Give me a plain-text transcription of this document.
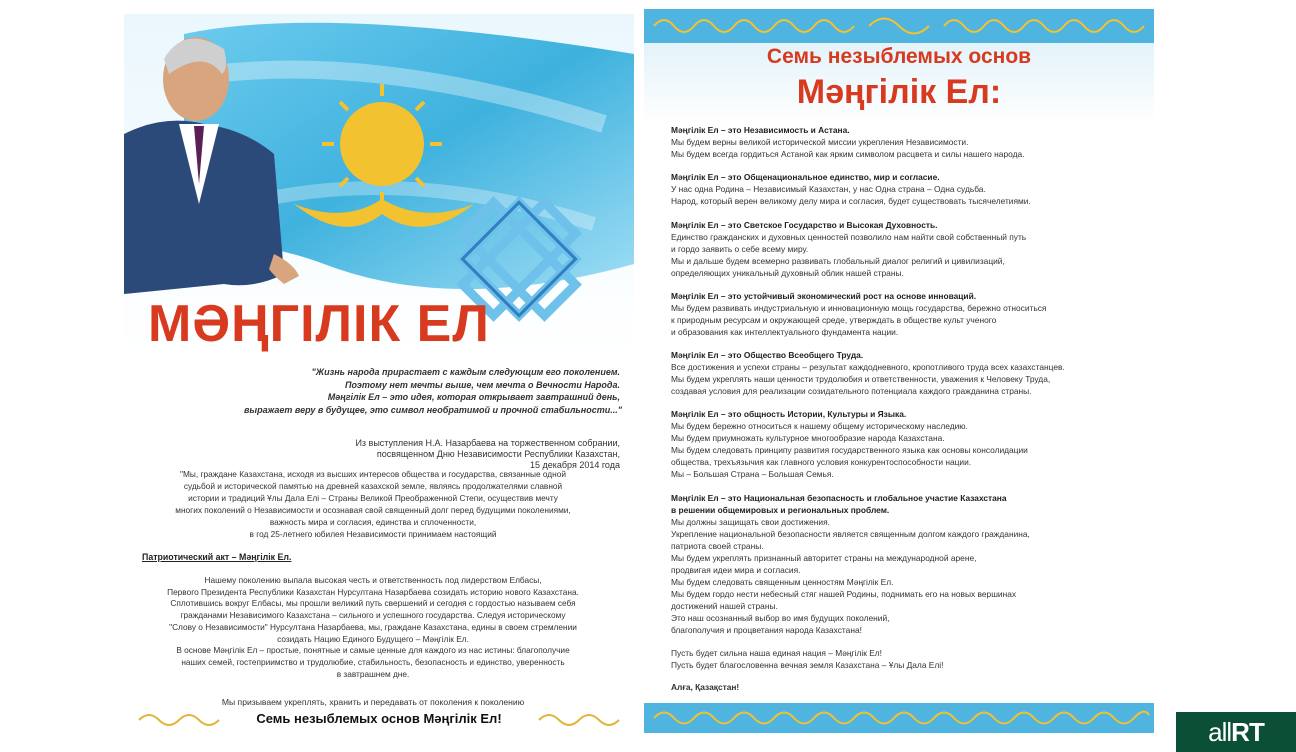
МӘҢГІЛІК ЕЛ
"Жизнь народа прирастает с каждым следующим его поколением.
Поэтому нет мечты выше, чем мечта о Вечности Народа.
Мәңгілік Ел – это идея, которая открывает завтрашний день,
выражает веру в будущее, это символ необратимой и прочной стабильности..."
Из выступления Н.А. Назарбаева на торжественном собрании,
посвященном Дню Независимости Республики Казахстан,
15 декабря 2014 года
"Мы, граждане Казахстана, исходя из высших интересов общества и государства, связанные одной
судьбой и исторической памятью на древней казахской земле, являясь продолжателями славной
истории и традиций Ұлы Дала Елі – Страны Великой Преображенной Степи, осуществив мечту
многих поколений о Независимости и осознавая свой священный долг перед будущими поколениями,
важность мира и согласия, единства и сплоченности,
в год 25-летнего юбилея Независимости принимаем настоящий
Патриотический акт – Мәңгілік Ел.
Нашему поколению выпала высокая честь и ответственность под лидерством Елбасы,
Первого Президента Республики Казахстан Нурсултана Назарбаева созидать историю нового Казахстана.
Сплотившись вокруг Елбасы, мы прошли великий путь свершений и сегодня с гордостью называем себя
гражданами Независимого Казахстана – сильного и успешного государства. Следуя историческому
"Слову о Независимости" Нурсултана Назарбаева, мы, граждане Казахстана, едины в своем стремлении
созидать Нацию Единого Будущего – Мәңгілік Ел.
В основе Мәңгілік Ел – простые, понятные и самые ценные для каждого из нас истины: благополучие
наших семей, гостеприимство и трудолюбие, стабильность, безопасность и единство, уверенность
в завтрашнем дне.
Мы призываем укреплять, хранить и передавать от поколения к поколению
Семь незыблемых основ Мәңгілік Ел!
Семь незыблемых основ
Мәңгілік Ел:
Мәңгілік Ел – это Независимость и Астана.
Мы будем верны великой исторической миссии укрепления Независимости.
Мы будем всегда гордиться Астаной как ярким символом расцвета и силы нашего народа.
Мәңгілік Ел – это Общенациональное единство, мир и согласие.
У нас одна Родина – Независимый Казахстан, у нас Одна страна – Одна судьба.
Народ, который верен великому делу мира и согласия, будет существовать тысячелетиями.
Мәңгілік Ел – это Светское Государство и Высокая Духовность.
Единство гражданских и духовных ценностей позволило нам найти свой собственный путь
и гордо заявить о себе всему миру.
Мы и дальше будем всемерно развивать глобальный диалог религий и цивилизаций,
определяющих уникальный духовный облик нашей страны.
Мәңгілік Ел – это устойчивый экономический рост на основе инноваций.
Мы будем развивать индустриальную и инновационную мощь государства, бережно относиться
к природным ресурсам и окружающей среде, утверждать в обществе культ ученого
и образования как интеллектуального фундамента нации.
Мәңгілік Ел – это Общество Всеобщего Труда.
Все достижения и успехи страны – результат каждодневного, кропотливого труда всех казахстанцев.
Мы будем укреплять наши ценности трудолюбия и ответственности, уважения к Человеку Труда,
создавая условия для реализации созидательного потенциала каждого гражданина страны.
Мәңгілік Ел – это общность Истории, Культуры и Языка.
Мы будем бережно относиться к нашему общему историческому наследию.
Мы будем приумножать культурное многообразие народа Казахстана.
Мы будем следовать принципу развития государственного языка как основы консолидации
общества, трехъязычия как главного условия конкурентоспособности нации.
Мы – Большая Страна – Большая Семья.
Мәңгілік Ел – это Национальная безопасность и глобальное участие Казахстана
в решении общемировых и региональных проблем.
Мы должны защищать свои достижения.
Укрепление национальной безопасности является священным долгом каждого гражданина,
патриота своей страны.
Мы будем укреплять признанный авторитет страны на международной арене,
продвигая идеи мира и согласия.
Мы будем следовать священным ценностям Мәңгілік Ел.
Мы будем гордо нести небесный стяг нашей Родины, поднимать его на новых вершинах
достижений нашей страны.
Это наш осознанный выбор во имя будущих поколений,
благополучия и процветания народа Казахстана!
Пусть будет сильна наша единая нация – Мәңгілік Ел!
Пусть будет благословенна вечная земля Казахстана – Ұлы Дала Елі!
Алға, Қазақстан!
allRT
